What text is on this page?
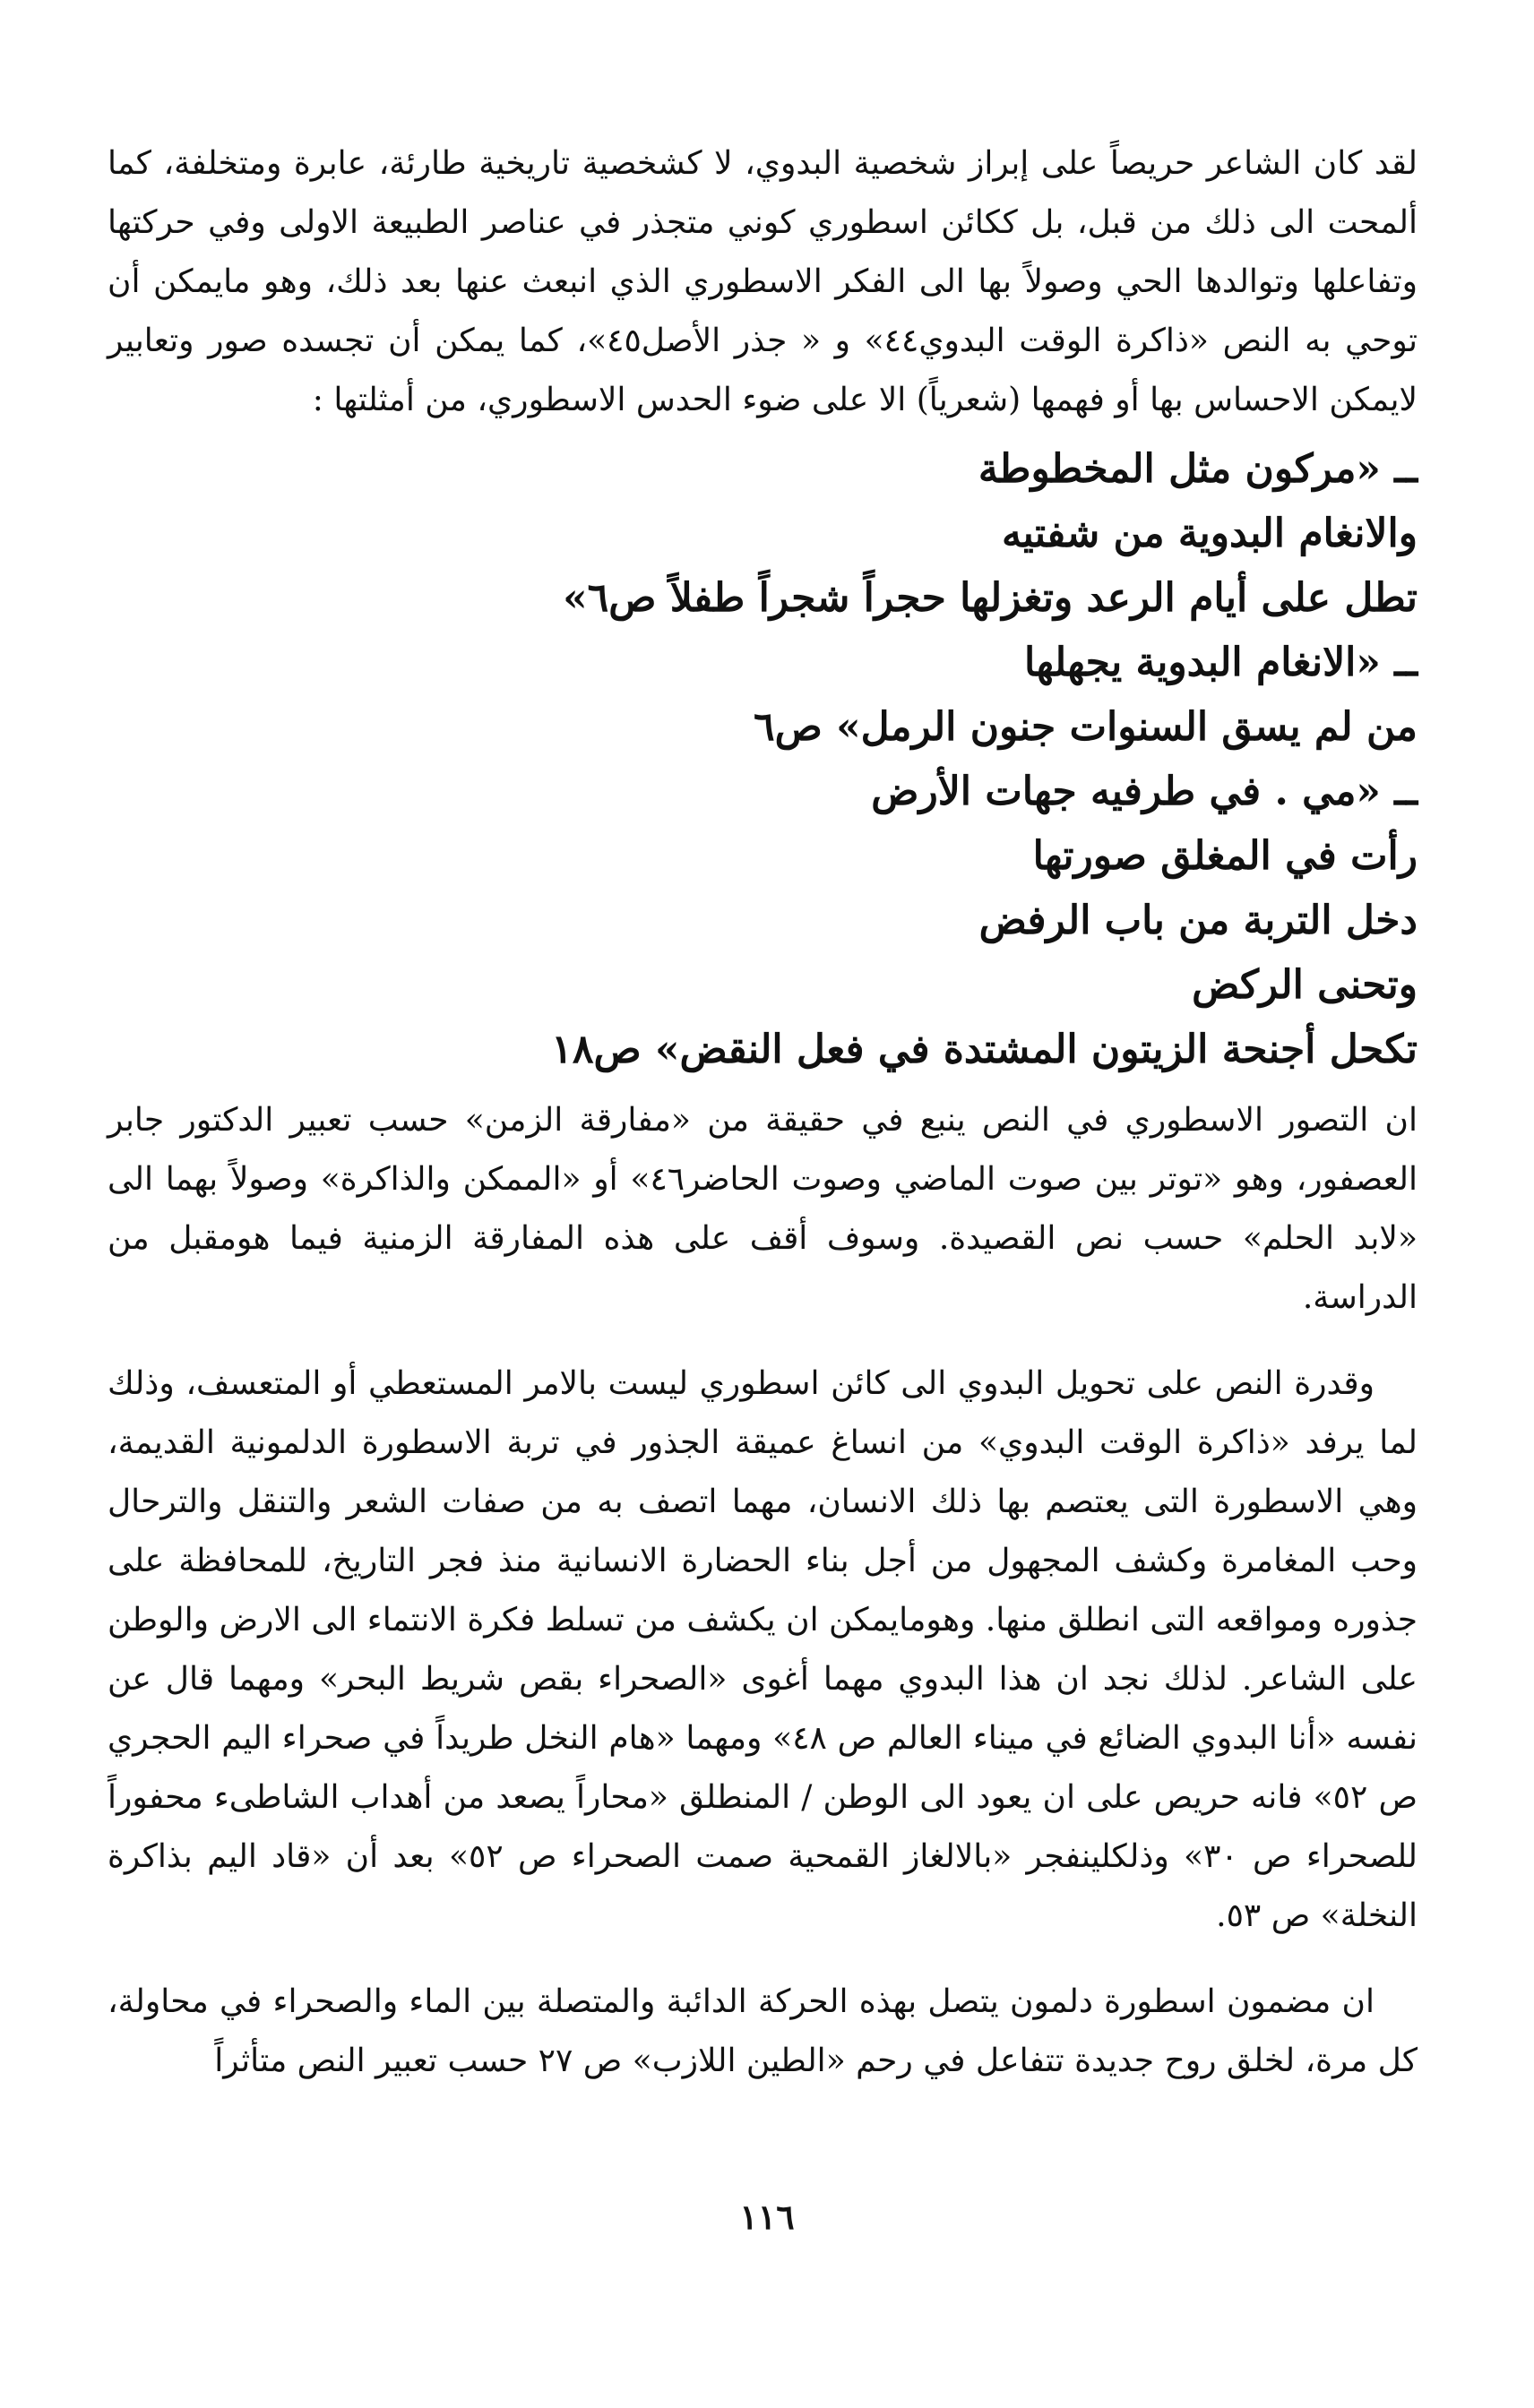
لقد كان الشاعر حريصاً على إبراز شخصية البدوي، لا كشخصية تاريخية طارئة، عابرة ومتخلفة، كما ألمحت الى ذلك من قبل، بل ككائن اسطوري كوني متجذر في عناصر الطبيعة الاولى وفي حركتها وتفاعلها وتوالدها الحي وصولاً بها الى الفكر الاسطوري الذي انبعث عنها بعد ذلك، وهو مايمكن أن توحي به النص «ذاكرة الوقت البدوي٤٤» و « جذر الأصل٤٥»، كما يمكن أن تجسده صور وتعابير لايمكن الاحساس بها أو فهمها (شعرياً) الا على ضوء الحدس الاسطوري، من أمثلتها :

ــ «مركون مثل المخطوطة
والانغام البدوية من شفتيه
تطل على أيام الرعد وتغزلها حجراً شجراً طفلاً ص٦»
ــ «الانغام البدوية يجهلها
من لم يسق السنوات جنون الرمل» ص٦
ــ «مي . في طرفيه جهات الأرض
رأت في المغلق صورتها
دخل التربة من باب الرفض
وتحنى الركض
تكحل أجنحة الزيتون المشتدة في فعل النقض» ص١٨

ان التصور الاسطوري في النص ينبع في حقيقة من «مفارقة الزمن» حسب تعبير الدكتور جابر العصفور، وهو «توتر بين صوت الماضي وصوت الحاضر٤٦» أو «الممكن والذاكرة» وصولاً بهما الى «لابد الحلم» حسب نص القصيدة. وسوف أقف على هذه المفارقة الزمنية فيما هومقبل من الدراسة.

وقدرة النص على تحويل البدوي الى كائن اسطوري ليست بالامر المستعطي أو المتعسف، وذلك لما يرفد «ذاكرة الوقت البدوي» من انساغ عميقة الجذور في تربة الاسطورة الدلمونية القديمة، وهي الاسطورة التى يعتصم بها ذلك الانسان، مهما اتصف به من صفات الشعر والتنقل والترحال وحب المغامرة وكشف المجهول من أجل بناء الحضارة الانسانية منذ فجر التاريخ، للمحافظة على جذوره ومواقعه التى انطلق منها. وهومايمكن ان يكشف من تسلط فكرة الانتماء الى الارض والوطن على الشاعر. لذلك نجد ان هذا البدوي مهما أغوى «الصحراء بقص شريط البحر» ومهما قال عن نفسه «أنا البدوي الضائع في ميناء العالم ص ٤٨» ومهما «هام النخل طريداً في صحراء اليم الحجري ص ٥٢» فانه حريص على ان يعود الى الوطن / المنطلق «محاراً يصعد من أهداب الشاطىء محفوراً للصحراء ص ٣٠» وذلكلينفجر «بالالغاز القمحية صمت الصحراء ص ٥٢» بعد أن «قاد اليم بذاكرة النخلة» ص ٥٣.

ان مضمون اسطورة دلمون يتصل بهذه الحركة الدائبة والمتصلة بين الماء والصحراء في محاولة، كل مرة، لخلق روح جديدة تتفاعل في رحم «الطين اللازب» ص ٢٧ حسب تعبير النص متأثراً

١١٦
